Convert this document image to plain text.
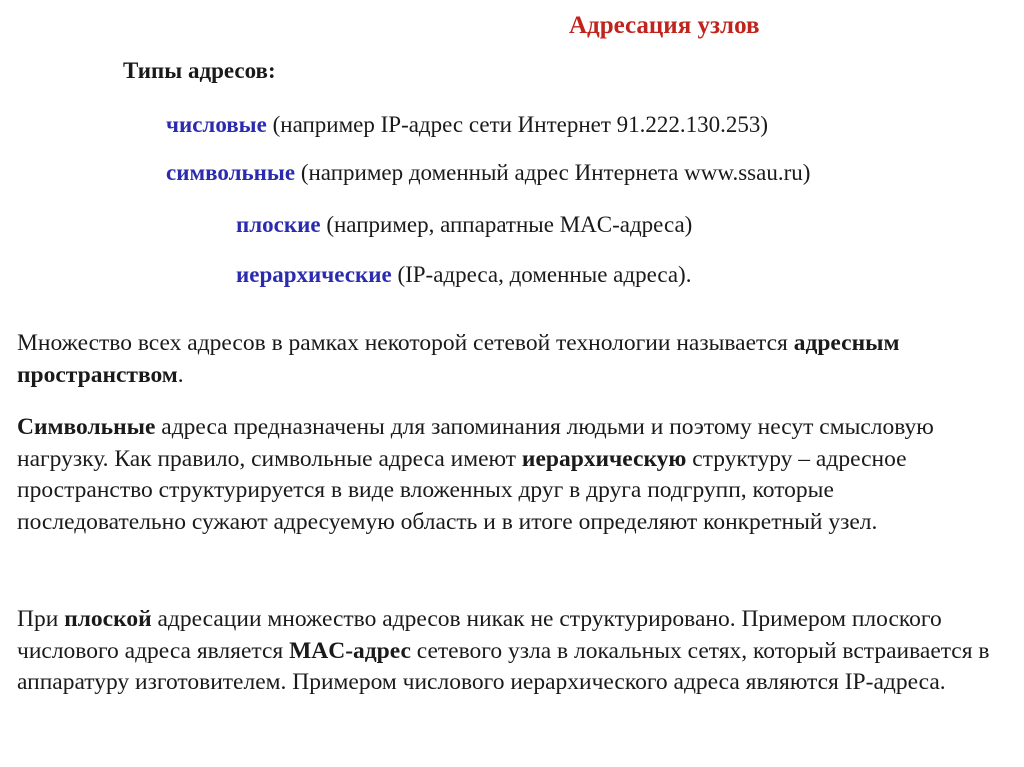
Адресация узлов
Типы адресов:
числовые (например IP-адрес сети Интернет 91.222.130.253)
символьные (например доменный адрес Интернета www.ssau.ru)
плоские (например, аппаратные MAC-адреса)
иерархические (IP-адреса, доменные адреса).

Множество всех адресов в рамках некоторой сетевой технологии называется адресным пространством.

Символьные адреса предназначены для запоминания людьми и поэтому несут смысловую нагрузку. Как правило, символьные адреса имеют иерархическую структуру – адресное пространство структурируется в виде вложенных друг в друга подгрупп, которые последовательно сужают адресуемую область и в итоге определяют конкретный узел.

При плоской адресации множество адресов никак не структурировано. Примером плоского числового адреса является MAC-адрес сетевого узла в локальных сетях, который встраивается в аппаратуру изготовителем. Примером числового иерархического адреса являются IP-адреса.
